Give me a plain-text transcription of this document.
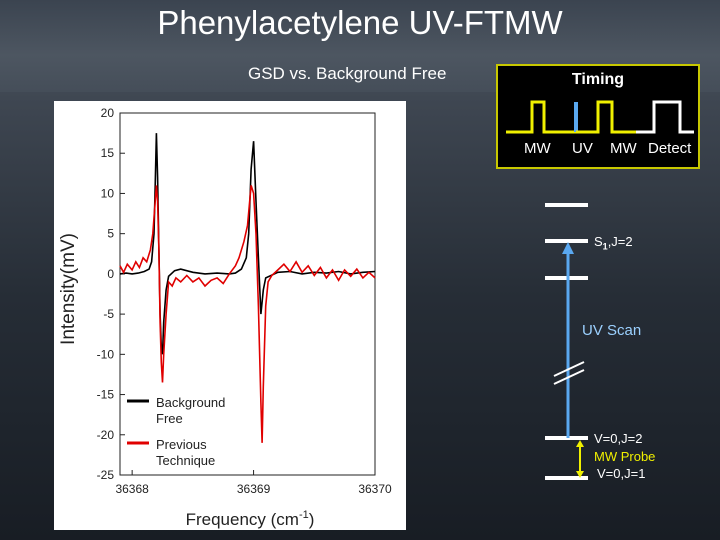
Phenylacetylene UV-FTMW
GSD vs. Background Free
20
15
10
5
0
-5
-10
-15
-20
-25
36368	36369	36370
Background Free
Previous Technique
Intensity(mV)
Frequency $(cm^{-1})$
Timing
MW UV MW Detect
$S_1,J=2$
UV Scan
V=0,J=2
MW Probe
V=0,J=1
